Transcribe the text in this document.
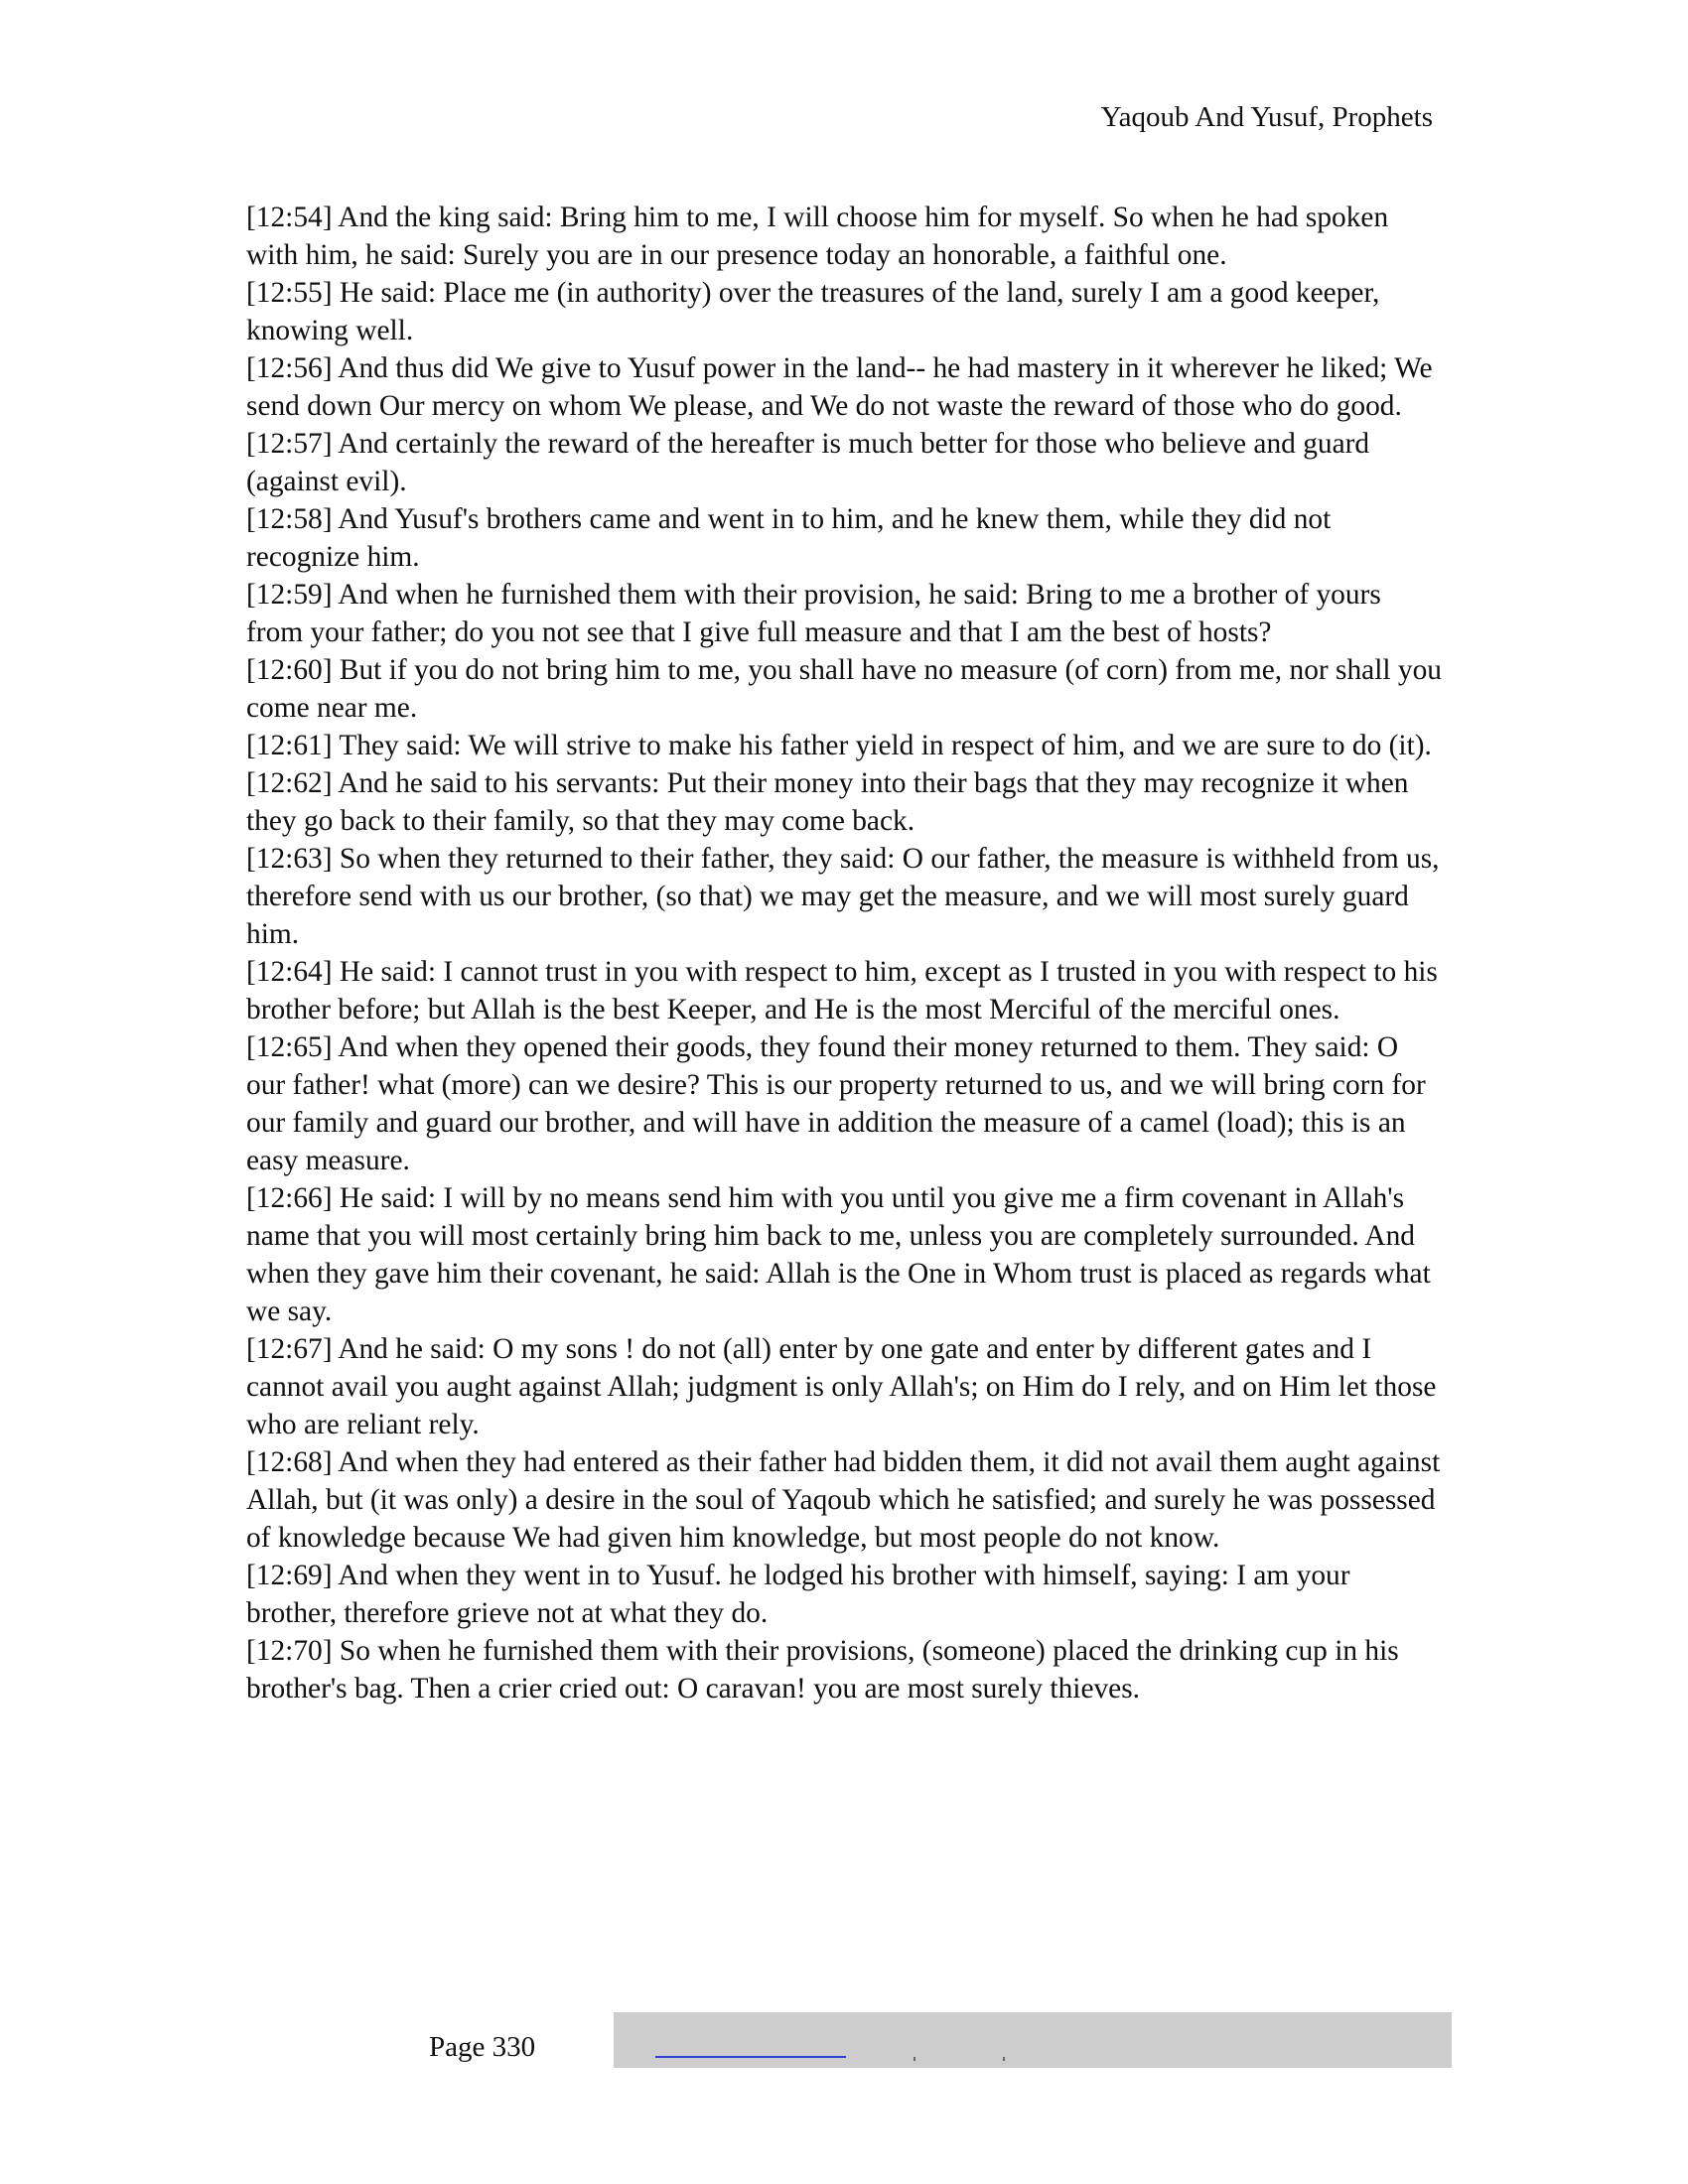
Yaqoub And Yusuf, Prophets

[12:54] And the king said: Bring him to me, I will choose him for myself. So when he had spoken with him, he said: Surely you are in our presence today an honorable, a faithful one.

[12:55] He said: Place me (in authority) over the treasures of the land, surely I am a good keeper, knowing well.

[12:56] And thus did We give to Yusuf power in the land-- he had mastery in it wherever he liked; We send down Our mercy on whom We please, and We do not waste the reward of those who do good.

[12:57] And certainly the reward of the hereafter is much better for those who believe and guard (against evil).

[12:58] And Yusuf's brothers came and went in to him, and he knew them, while they did not recognize him.

[12:59] And when he furnished them with their provision, he said: Bring to me a brother of yours from your father; do you not see that I give full measure and that I am the best of hosts?

[12:60] But if you do not bring him to me, you shall have no measure (of corn) from me, nor shall you come near me.

[12:61] They said: We will strive to make his father yield in respect of him, and we are sure to do (it).

[12:62] And he said to his servants: Put their money into their bags that they may recognize it when they go back to their family, so that they may come back.

[12:63] So when they returned to their father, they said: O our father, the measure is withheld from us, therefore send with us our brother, (so that) we may get the measure, and we will most surely guard him.

[12:64] He said: I cannot trust in you with respect to him, except as I trusted in you with respect to his brother before; but Allah is the best Keeper, and He is the most Merciful of the merciful ones.

[12:65] And when they opened their goods, they found their money returned to them. They said: O our father! what (more) can we desire? This is our property returned to us, and we will bring corn for our family and guard our brother, and will have in addition the measure of a camel (load); this is an easy measure.

[12:66] He said: I will by no means send him with you until you give me a firm covenant in Allah's name that you will most certainly bring him back to me, unless you are completely surrounded. And when they gave him their covenant, he said: Allah is the One in Whom trust is placed as regards what we say.

[12:67] And he said: O my sons ! do not (all) enter by one gate and enter by different gates and I cannot avail you aught against Allah; judgment is only Allah's; on Him do I rely, and on Him let those who are reliant rely.

[12:68] And when they had entered as their father had bidden them, it did not avail them aught against Allah, but (it was only) a desire in the soul of Yaqoub which he satisfied; and surely he was possessed of knowledge because We had given him knowledge, but most people do not know.

[12:69] And when they went in to Yusuf. he lodged his brother with himself, saying: I am your brother, therefore grieve not at what they do.

[12:70] So when he furnished them with their provisions, (someone) placed the drinking cup in his brother's bag. Then a crier cried out: O caravan! you are most surely thieves.

Page 330
